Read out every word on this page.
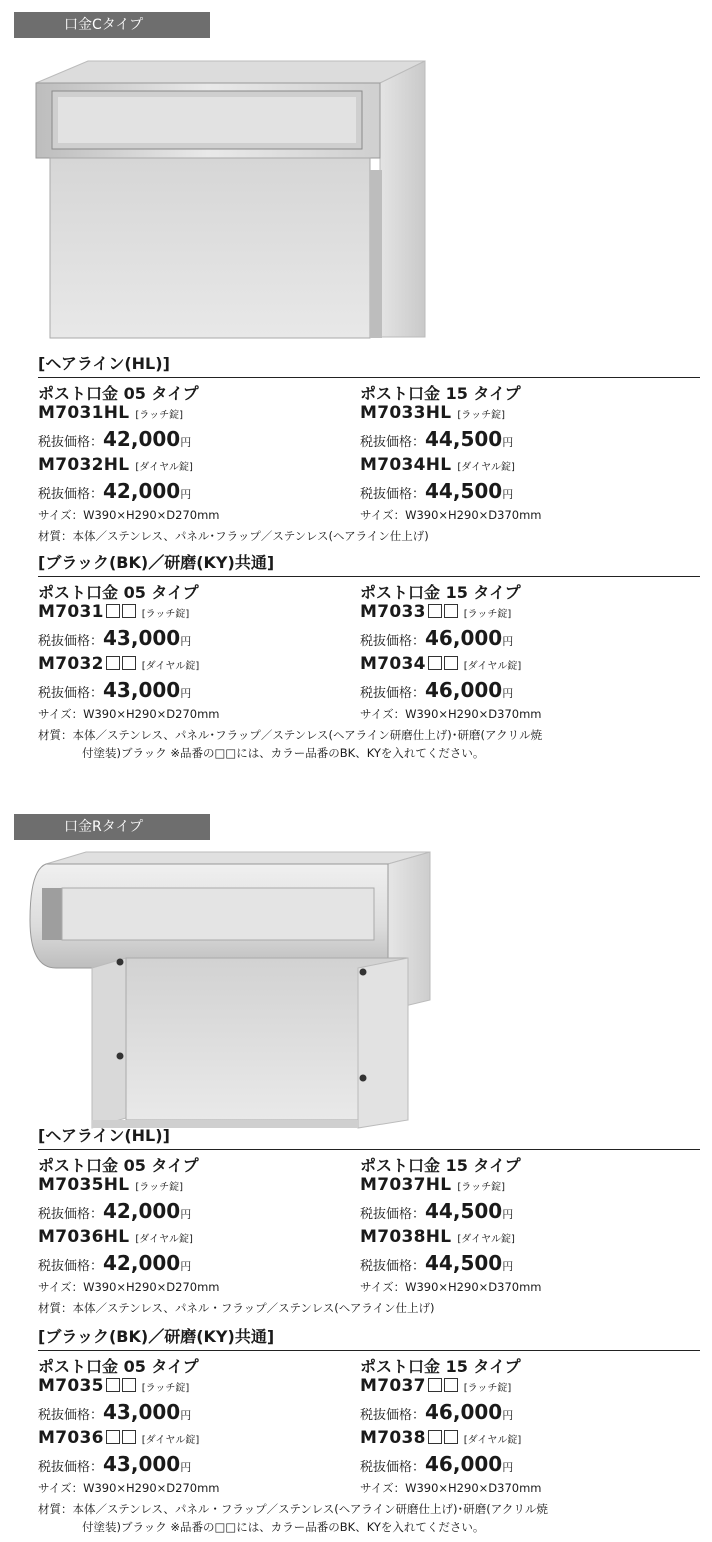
口金Cタイプ
[ヘアライン(HL)]
ポスト口金 05 タイプ
M7031HL [ラッチ錠]
税抜価格：42,000円
M7032HL [ダイヤル錠]
税抜価格：42,000円
サイズ：W390×H290×D270mm
ポスト口金 15 タイプ
M7033HL [ラッチ錠]
税抜価格：44,500円
M7034HL [ダイヤル錠]
税抜価格：44,500円
サイズ：W390×H290×D370mm
材質：本体／ステンレス、パネル･フラップ／ステンレス(ヘアライン仕上げ)
[ブラック(BK)／研磨(KY)共通]
ポスト口金 05 タイプ
M7031	[ラッチ錠]
税抜価格：43,000円
M7032	[ダイヤル錠]
税抜価格：43,000円
サイズ：W390×H290×D270mm
ポスト口金 15 タイプ
M7033	[ラッチ錠]
税抜価格：46,000円
M7034	[ダイヤル錠]
税抜価格：46,000円
サイズ：W390×H290×D370mm
材質：本体／ステンレス、パネル･フラップ／ステンレス(ヘアライン研磨仕上げ)･研磨(アクリル焼
付塗装)ブラック ※品番の□□には、カラー品番のBK、KYを入れてください。
口金Rタイプ
[ヘアライン(HL)]
ポスト口金 05 タイプ
M7035HL [ラッチ錠]
税抜価格：42,000円
M7036HL [ダイヤル錠]
税抜価格：42,000円
サイズ：W390×H290×D270mm
ポスト口金 15 タイプ
M7037HL [ラッチ錠]
税抜価格：44,500円
M7038HL [ダイヤル錠]
税抜価格：44,500円
サイズ：W390×H290×D370mm
材質：本体／ステンレス、パネル・フラップ／ステンレス(ヘアライン仕上げ)
[ブラック(BK)／研磨(KY)共通]
ポスト口金 05 タイプ
M7035	[ラッチ錠]
税抜価格：43,000円
M7036	[ダイヤル錠]
税抜価格：43,000円
サイズ：W390×H290×D270mm
ポスト口金 15 タイプ
M7037	[ラッチ錠]
税抜価格：46,000円
M7038	[ダイヤル錠]
税抜価格：46,000円
サイズ：W390×H290×D370mm
材質：本体／ステンレス、パネル・フラップ／ステンレス(ヘアライン研磨仕上げ)･研磨(アクリル焼
付塗装)ブラック ※品番の□□には、カラー品番のBK、KYを入れてください。
